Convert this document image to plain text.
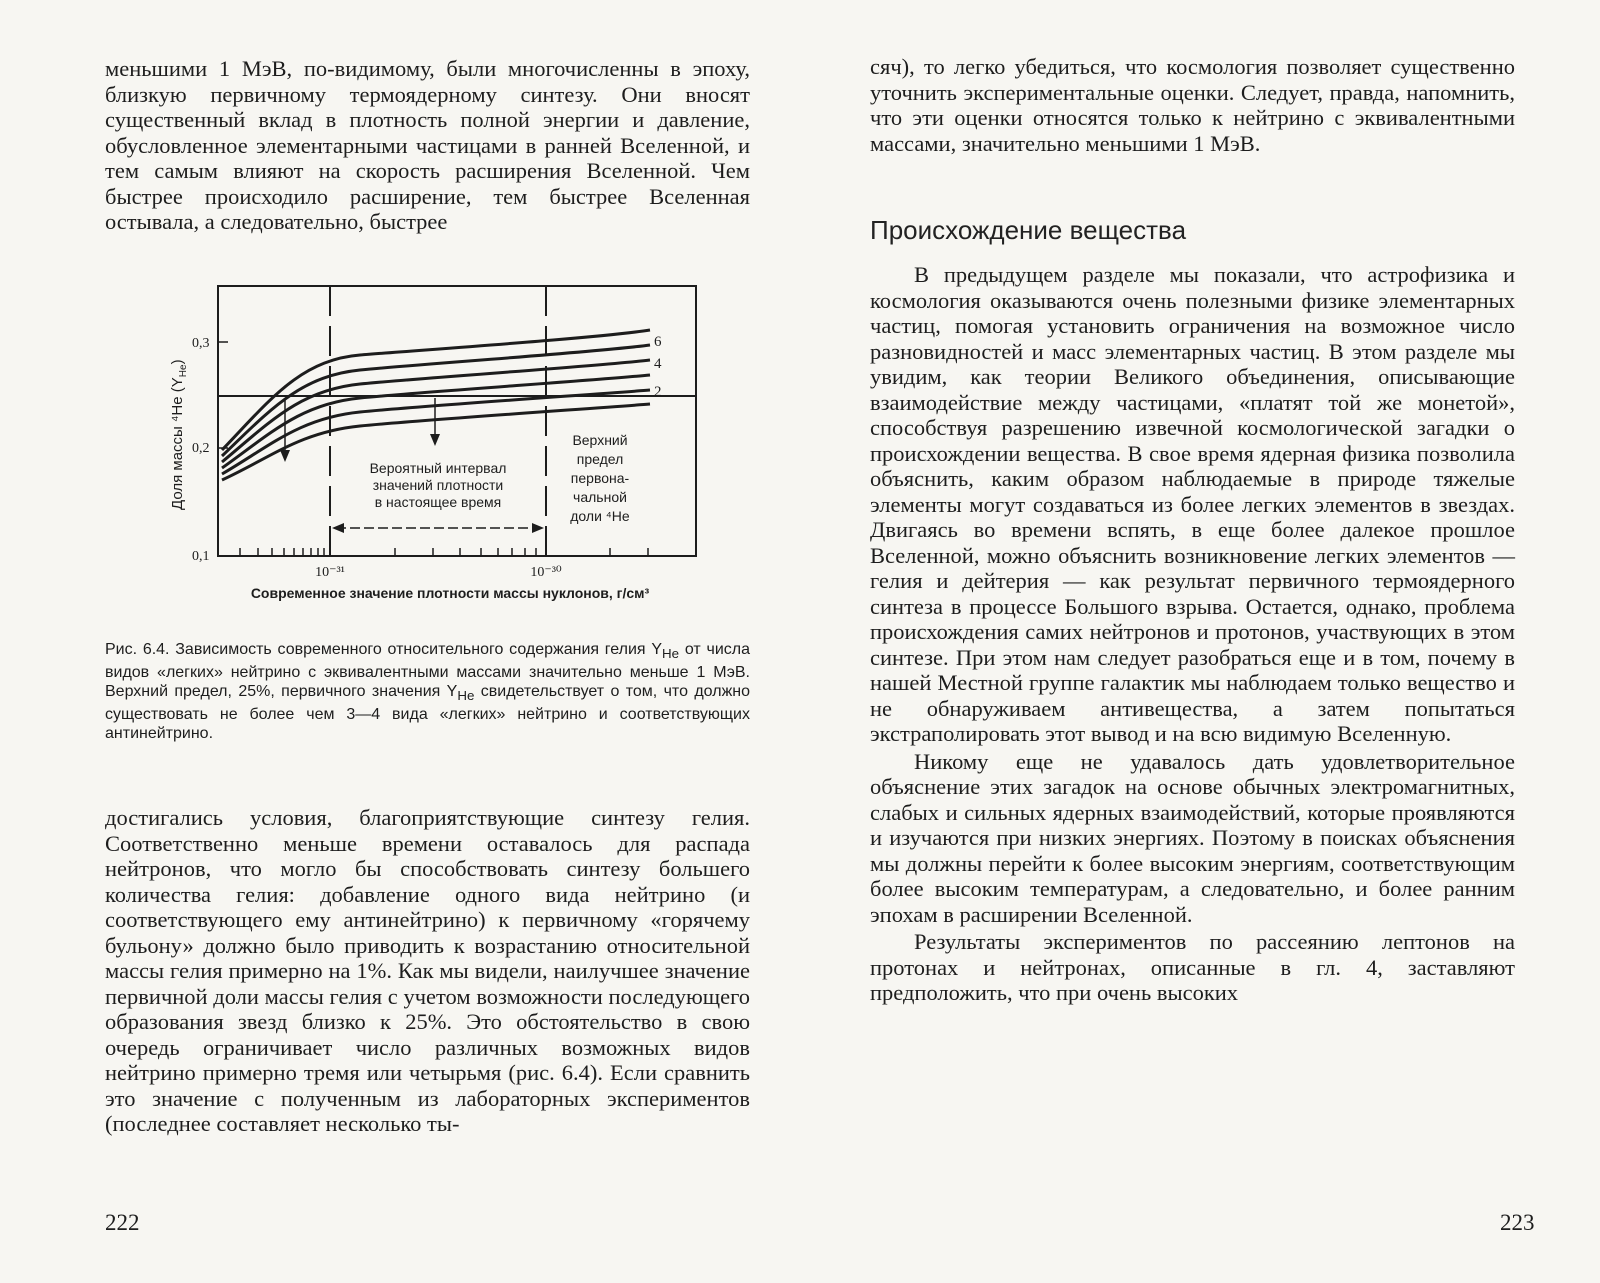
меньшими 1 МэВ, по-видимому, были многочисленны в эпоху, близкую первичному термоядерному синтезу. Они вносят существенный вклад в плотность полной энергии и давление, обусловленное элементарными частицами в ранней Вселенной, и тем самым влияют на скорость расширения Вселенной. Чем быстрее происходило расширение, тем быстрее Вселенная остывала, а следовательно, быстрее

Доля массы ⁴He $(Y_{He})$
0,3
0,2
0,1
6
4
2
Вероятный интервал
значений плотности
в настоящее время
Верхний
предел
первона-
чальной
доли ⁴He
10⁻³¹	10⁻³⁰
Современное значение плотности массы нуклонов, г/см³
Рис. 6.4. Зависимость современного относительного содержания гелия $Y_{He}$ от числа видов «легких» нейтрино с эквивалентными массами значительно меньше 1 МэВ. Верхний предел, 25%, первичного значения $Y_{He}$ свидетельствует о том, что должно существовать не более чем 3—4 вида «легких» нейтрино и соответствующих антинейтрино.

достигались условия, благоприятствующие синтезу гелия. Соответственно меньше времени оставалось для распада нейтронов, что могло бы способствовать синтезу большего количества гелия: добавление одного вида нейтрино (и соответствующего ему антинейтрино) к первичному «горячему бульону» должно было приводить к возрастанию относительной массы гелия примерно на 1%. Как мы видели, наилучшее значение первичной доли массы гелия с учетом возможности последующего образования звезд близко к 25%. Это обстоятельство в свою очередь ограничивает число различных возможных видов нейтрино примерно тремя или четырьмя (рис. 6.4). Если сравнить это значение с полученным из лабораторных экспериментов (последнее составляет несколько ты-

222

сяч), то легко убедиться, что космология позволяет существенно уточнить экспериментальные оценки. Следует, правда, напомнить, что эти оценки относятся только к нейтрино с эквивалентными массами, значительно меньшими 1 МэВ.

Происхождение вещества

В предыдущем разделе мы показали, что астрофизика и космология оказываются очень полезными физике элементарных частиц, помогая установить ограничения на возможное число разновидностей и масс элементарных частиц. В этом разделе мы увидим, как теории Великого объединения, описывающие взаимодействие между частицами, «платят той же монетой», способствуя разрешению извечной космологической загадки о происхождении вещества. В свое время ядерная физика позволила объяснить, каким образом наблюдаемые в природе тяжелые элементы могут создаваться из более легких элементов в звездах. Двигаясь во времени вспять, в еще более далекое прошлое Вселенной, можно объяснить возникновение легких элементов — гелия и дейтерия — как результат первичного термоядерного синтеза в процессе Большого взрыва. Остается, однако, проблема происхождения самих нейтронов и протонов, участвующих в этом синтезе. При этом нам следует разобраться еще и в том, почему в нашей Местной группе галактик мы наблюдаем только вещество и не обнаруживаем антивещества, а затем попытаться экстраполировать этот вывод и на всю видимую Вселенную.

Никому еще не удавалось дать удовлетворительное объяснение этих загадок на основе обычных электромагнитных, слабых и сильных ядерных взаимодействий, которые проявляются и изучаются при низких энергиях. Поэтому в поисках объяснения мы должны перейти к более высоким энергиям, соответствующим более высоким температурам, а следовательно, и более ранним эпохам в расширении Вселенной.

Результаты экспериментов по рассеянию лептонов на протонах и нейтронах, описанные в гл. 4, заставляют предположить, что при очень высоких

223
